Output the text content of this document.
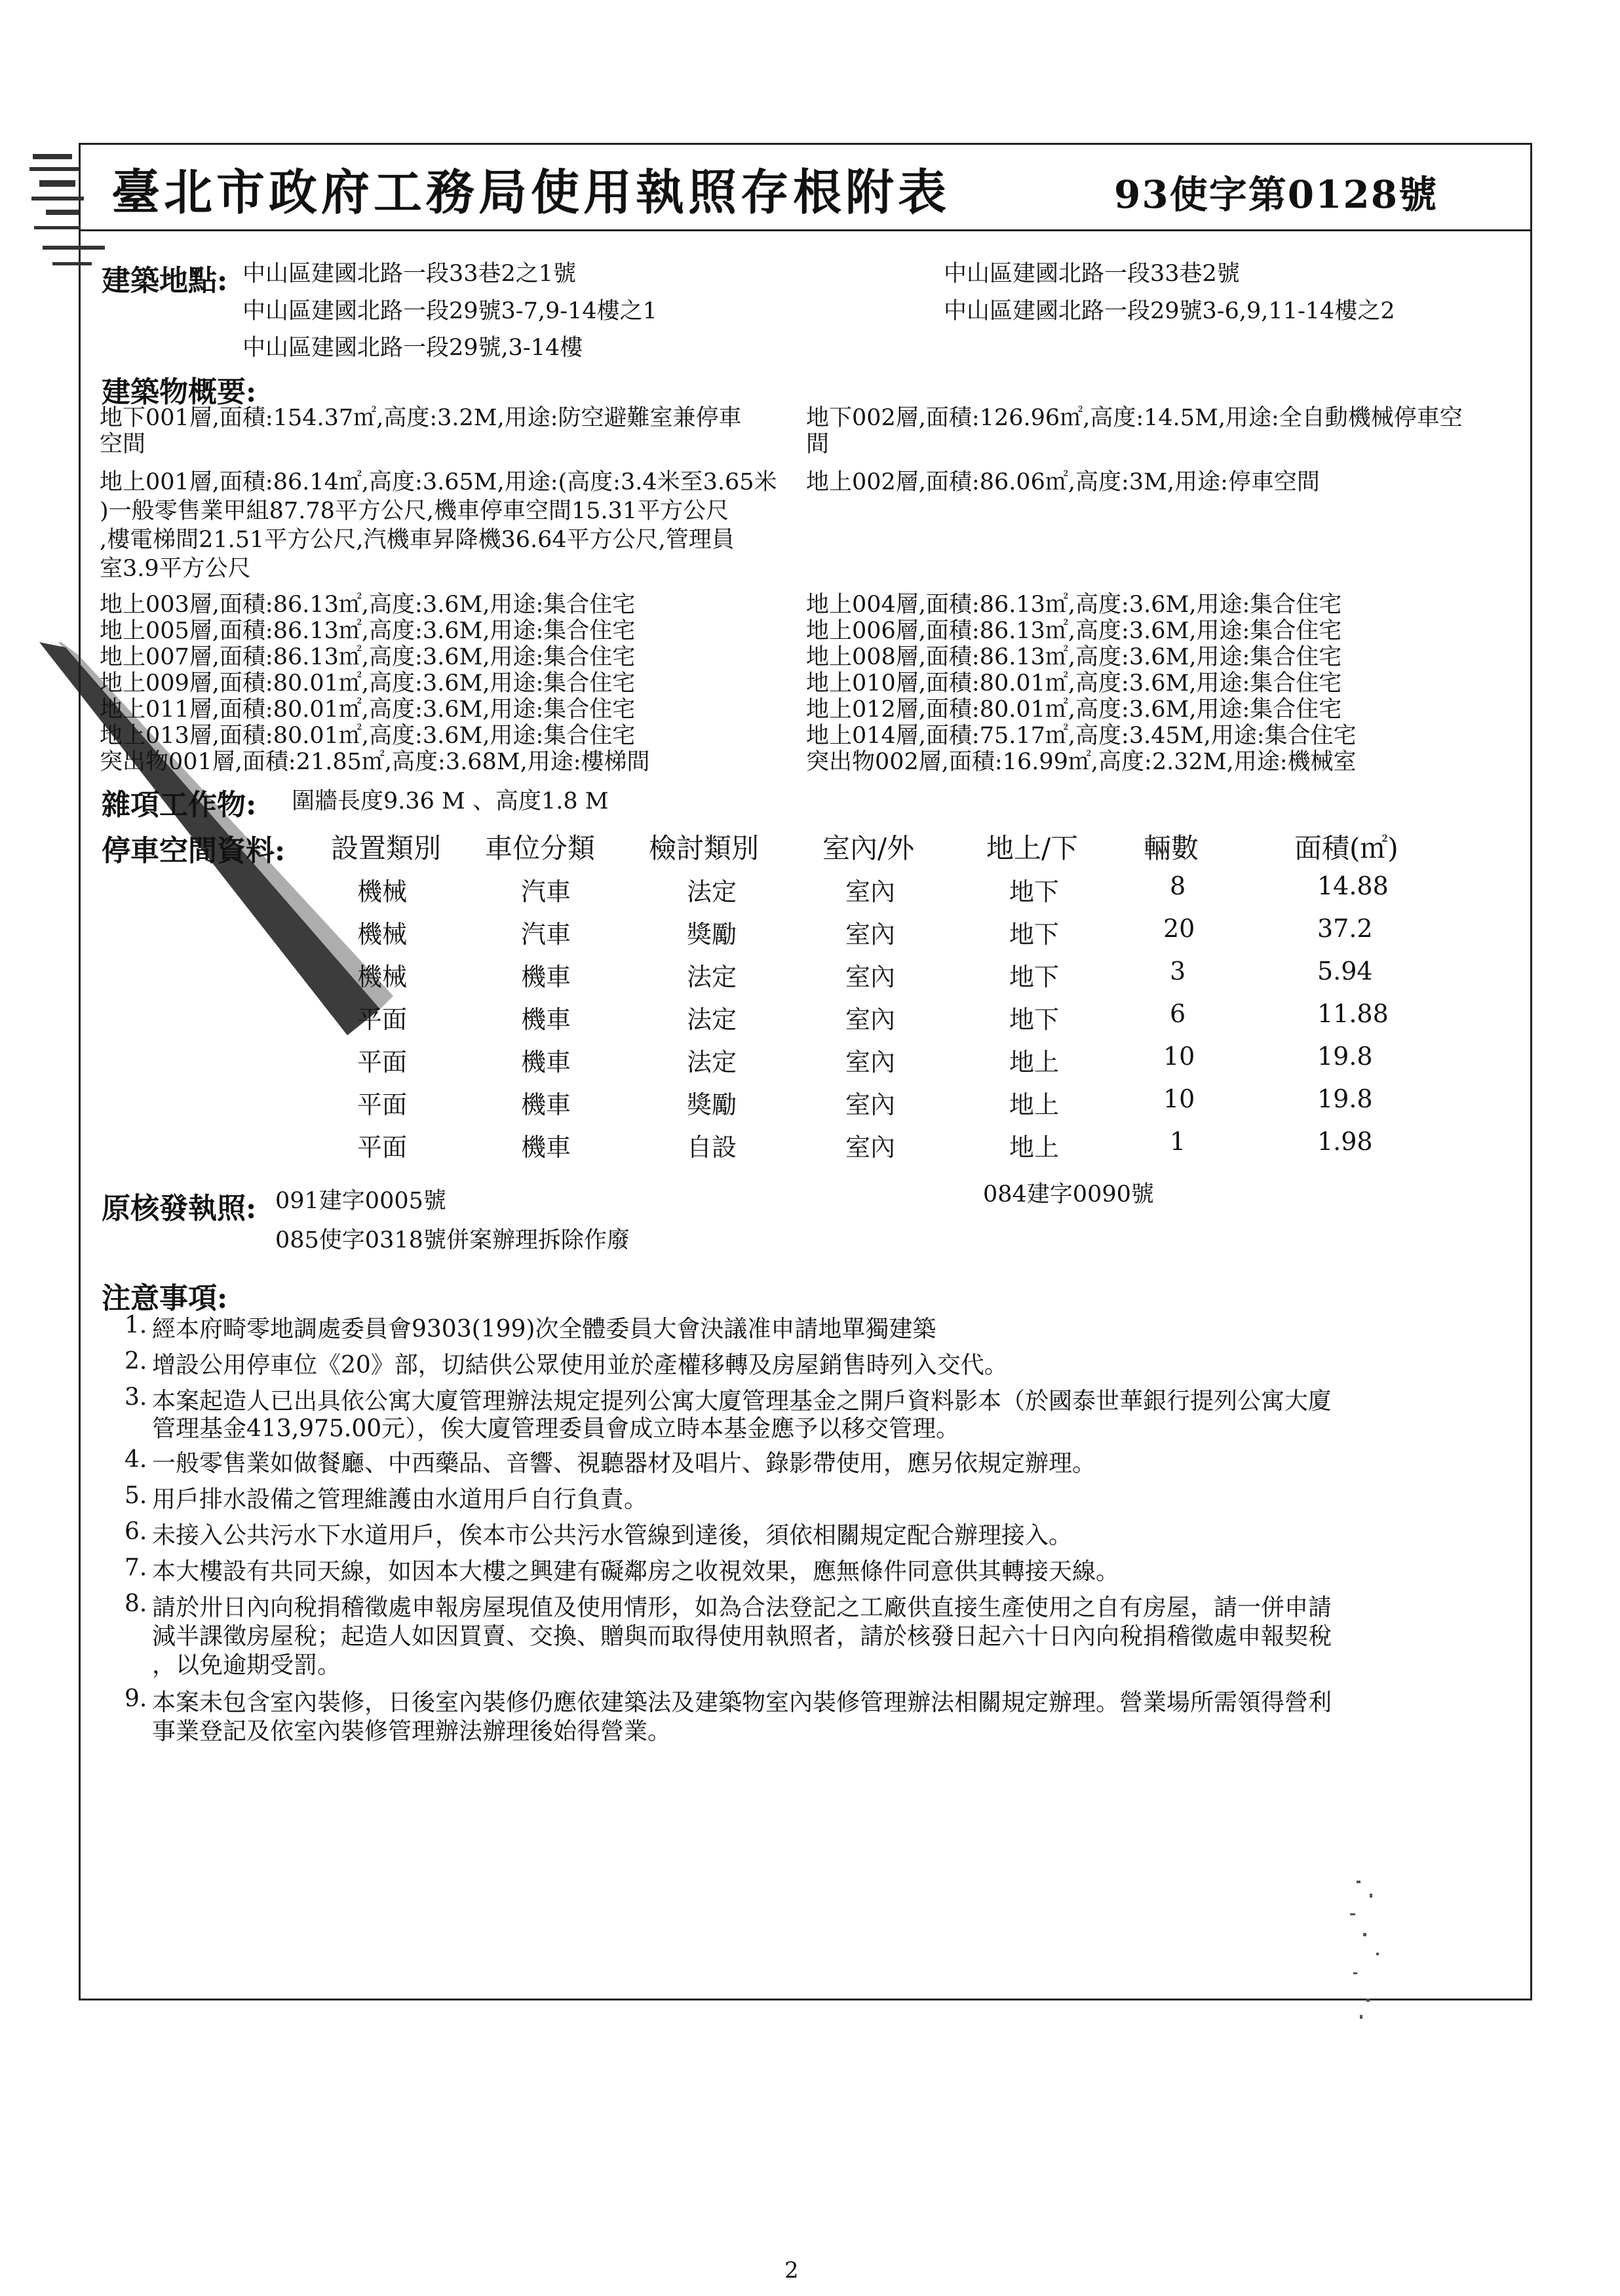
臺北市政府工務局使用執照存根附表	93使字第0128號
建築地點: 中山區建國北路一段33巷2之1號
中山區建國北路一段29號3-7,9-14樓之1
中山區建國北路一段29號,3-14樓
中山區建國北路一段33巷2號
中山區建國北路一段29號3-6,9,11-14樓之2
建築物概要:
地下001層,面積:154.37㎡,高度:3.2M,用途:防空避難室兼停車
空間
地下002層,面積:126.96㎡,高度:14.5M,用途:全自動機械停車空
間
地上001層,面積:86.14㎡,高度:3.65M,用途:(高度:3.4米至3.65米
)一般零售業甲組87.78平方公尺,機車停車空間15.31平方公尺
,樓電梯間21.51平方公尺,汽機車昇降機36.64平方公尺,管理員
室3.9平方公尺
地上002層,面積:86.06㎡,高度:3M,用途:停車空間
地上003層,面積:86.13㎡,高度:3.6M,用途:集合住宅
地上005層,面積:86.13㎡,高度:3.6M,用途:集合住宅
地上007層,面積:86.13㎡,高度:3.6M,用途:集合住宅
地上009層,面積:80.01㎡,高度:3.6M,用途:集合住宅
地上011層,面積:80.01㎡,高度:3.6M,用途:集合住宅
地上013層,面積:80.01㎡,高度:3.6M,用途:集合住宅
突出物001層,面積:21.85㎡,高度:3.68M,用途:樓梯間
地上004層,面積:86.13㎡,高度:3.6M,用途:集合住宅
地上006層,面積:86.13㎡,高度:3.6M,用途:集合住宅
地上008層,面積:86.13㎡,高度:3.6M,用途:集合住宅
地上010層,面積:80.01㎡,高度:3.6M,用途:集合住宅
地上012層,面積:80.01㎡,高度:3.6M,用途:集合住宅
地上014層,面積:75.17㎡,高度:3.45M,用途:集合住宅
突出物002層,面積:16.99㎡,高度:2.32M,用途:機械室
雜項工作物: 圍牆長度9.36 M 、高度1.8 M
停車空間資料: 設置類別 車位分類 檢討類別 室內/外	地上/下 輛數	面積(㎡)
機械	汽車	法定	室內	地下	8	14.88
機械	汽車	獎勵	室內	地下	20	37.2
機械	機車	法定	室內	地下	3	5.94
平面	機車	法定	室內	地下	6	11.88
平面	機車	法定	室內	地上	10	19.8
平面	機車	獎勵	室內	地上	10	19.8
平面	機車	自設	室內	地上	1	1.98
原核發執照: 091建字0005號	084建字0090號
085使字0318號併案辦理拆除作廢
注意事項:
1. 經本府畸零地調處委員會9303(199)次全體委員大會決議准申請地單獨建築
2. 增設公用停車位《20》部，切結供公眾使用並於產權移轉及房屋銷售時列入交代。
3. 本案起造人已出具依公寓大廈管理辦法規定提列公寓大廈管理基金之開戶資料影本（於國泰世華銀行提列公寓大廈
管理基金413,975.00元），俟大廈管理委員會成立時本基金應予以移交管理。
4. 一般零售業如做餐廳、中西藥品、音響、視聽器材及唱片、錄影帶使用，應另依規定辦理。
5. 用戶排水設備之管理維護由水道用戶自行負責。
6. 未接入公共污水下水道用戶，俟本市公共污水管線到達後，須依相關規定配合辦理接入。
7. 本大樓設有共同天線，如因本大樓之興建有礙鄰房之收視效果，應無條件同意供其轉接天線。
8. 請於卅日內向稅捐稽徵處申報房屋現值及使用情形，如為合法登記之工廠供直接生產使用之自有房屋，請一併申請
減半課徵房屋稅；起造人如因買賣、交換、贈與而取得使用執照者，請於核發日起六十日內向稅捐稽徵處申報契稅
，以免逾期受罰。
9. 本案未包含室內裝修，日後室內裝修仍應依建築法及建築物室內裝修管理辦法相關規定辦理。營業場所需領得營利
事業登記及依室內裝修管理辦法辦理後始得營業。
2
